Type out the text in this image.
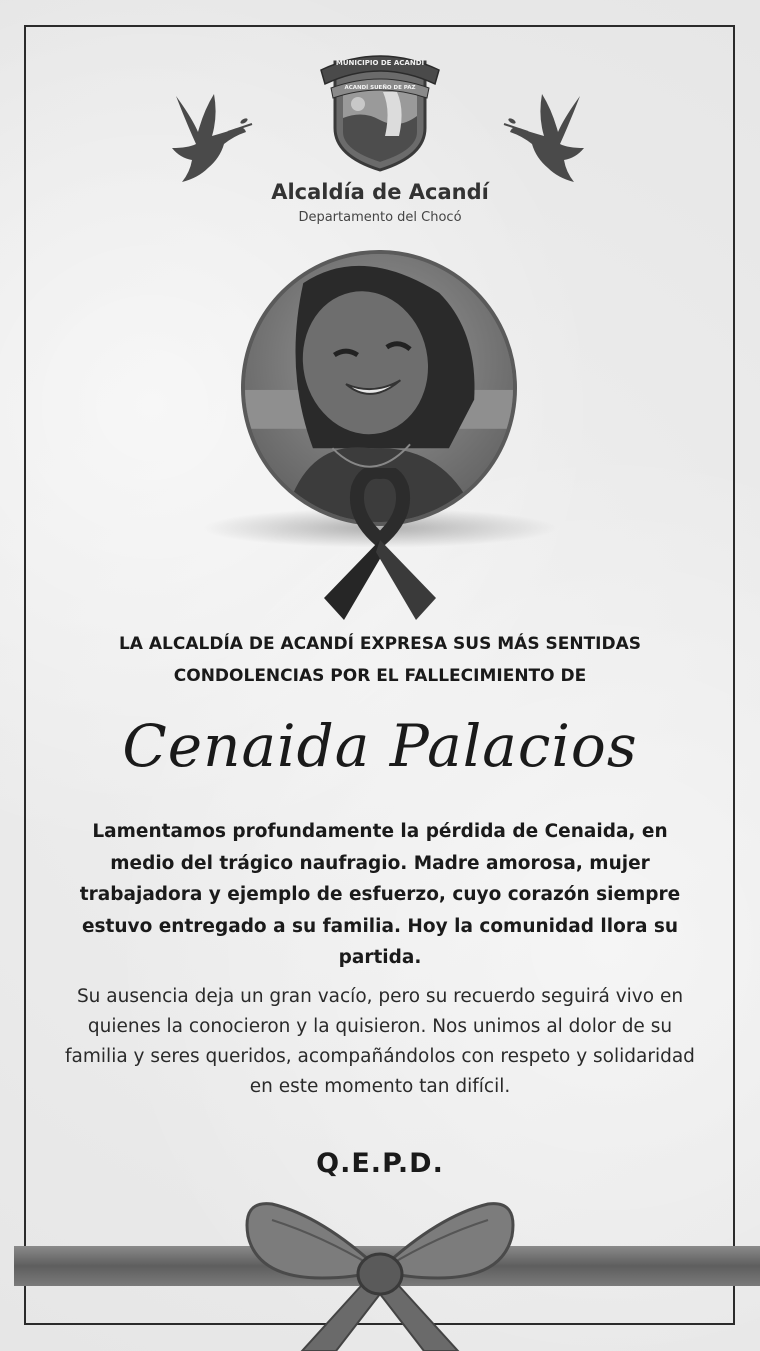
MUNICIPIO DE ACANDÍ
ACANDÍ SUEÑO DE PAZ
Alcaldía de Acandí
Departamento del Chocó
LA ALCALDÍA DE ACANDÍ EXPRESA SUS MÁS SENTIDAS
CONDOLENCIAS POR EL FALLECIMIENTO DE
Cenaida Palacios
Lamentamos profundamente la pérdida de Cenaida, en medio del trágico naufragio. Madre amorosa, mujer trabajadora y ejemplo de esfuerzo, cuyo corazón siempre estuvo entregado a su familia. Hoy la comunidad llora su partida.
Su ausencia deja un gran vacío, pero su recuerdo seguirá vivo en quienes la conocieron y la quisieron. Nos unimos al dolor de su familia y seres queridos, acompañándolos con respeto y solidaridad en este momento tan difícil.
Q.E.P.D.
